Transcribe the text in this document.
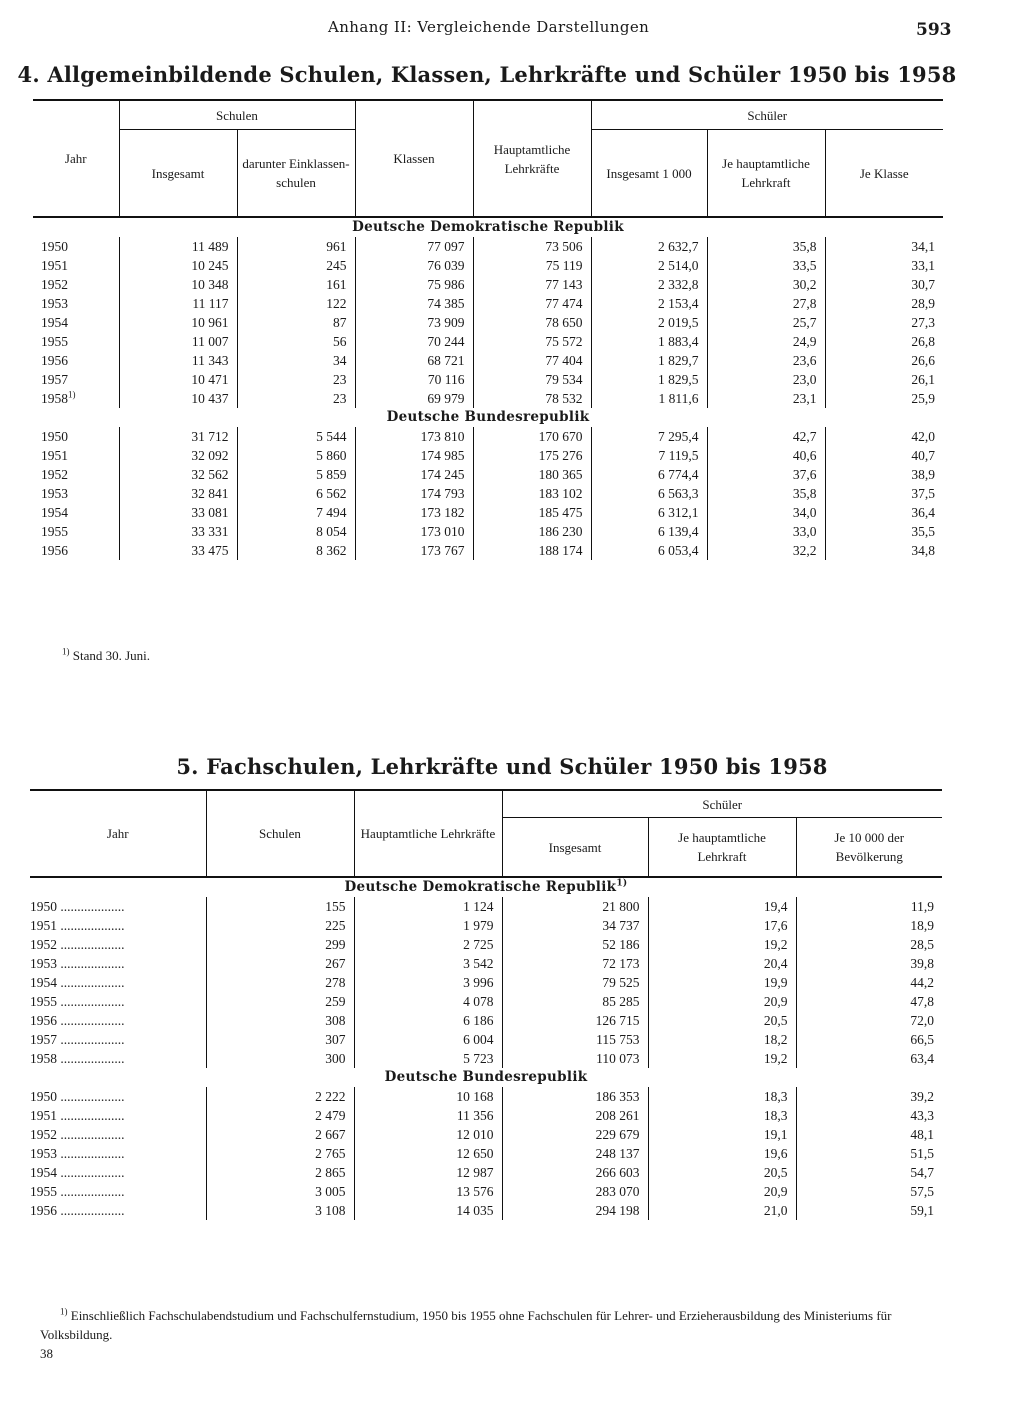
Anhang II: Vergleichende Darstellungen	593
4. Allgemeinbildende Schulen, Klassen, Lehrkräfte und Schüler 1950 bis 1958
Jahr	Schulen		Klassen	Hauptamtliche Lehrkräfte	Schüler		
	Insgesamt	darunter Einklassen-schulen			Insgesamt 1 000	Je hauptamtliche Lehrkraft	Je Klasse
Deutsche Demokratische Republik							
1950	11 489	961	77 097	73 506	2 632,7	35,8	34,1
1951	10 245	245	76 039	75 119	2 514,0	33,5	33,1
1952	10 348	161	75 986	77 143	2 332,8	30,2	30,7
1953	11 117	122	74 385	77 474	2 153,4	27,8	28,9
1954	10 961	87	73 909	78 650	2 019,5	25,7	27,3
1955	11 007	56	70 244	75 572	1 883,4	24,9	26,8
1956	11 343	34	68 721	77 404	1 829,7	23,6	26,6
1957	10 471	23	70 116	79 534	1 829,5	23,0	26,1
1958$^{1)}$	10 437	23	69 979	78 532	1 811,6	23,1	25,9
Deutsche Bundesrepublik							
1950	31 712	5 544	173 810	170 670	7 295,4	42,7	42,0
1951	32 092	5 860	174 985	175 276	7 119,5	40,6	40,7
1952	32 562	5 859	174 245	180 365	6 774,4	37,6	38,9
1953	32 841	6 562	174 793	183 102	6 563,3	35,8	37,5
1954	33 081	7 494	173 182	185 475	6 312,1	34,0	36,4
1955	33 331	8 054	173 010	186 230	6 139,4	33,0	35,5
1956	33 475	8 362	173 767	188 174	6 053,4	32,2	34,8
$^{1)}$ Stand 30. Juni.
5. Fachschulen, Lehrkräfte und Schüler 1950 bis 1958
Jahr	Schulen	Hauptamtliche Lehrkräfte	Schüler		
			Insgesamt	Je hauptamtliche Lehrkraft	Je 10 000 der Bevölkerung
Deutsche Demokratische Republik$^{1)}$
1950 ...................	155	1 124	21 800	19,4	11,9
1951 ...................	225	1 979	34 737	17,6	18,9
1952 ...................	299	2 725	52 186	19,2	28,5
1953 ...................	267	3 542	72 173	20,4	39,8
1954 ...................	278	3 996	79 525	19,9	44,2
1955 ...................	259	4 078	85 285	20,9	47,8
1956 ...................	308	6 186	126 715	20,5	72,0
1957 ...................	307	6 004	115 753	18,2	66,5
1958 ...................	300	5 723	110 073	19,2	63,4
Deutsche Bundesrepublik					
1950 ...................	2 222	10 168	186 353	18,3	39,2
1951 ...................	2 479	11 356	208 261	18,3	43,3
1952 ...................	2 667	12 010	229 679	19,1	48,1
1953 ...................	2 765	12 650	248 137	19,6	51,5
1954 ...................	2 865	12 987	266 603	20,5	54,7
1955 ...................	3 005	13 576	283 070	20,9	57,5
1956 ...................	3 108	14 035	294 198	21,0	59,1
$^{1)}$ Einschließlich Fachschulabendstudium und Fachschulfernstudium, 1950 bis 1955 ohne Fachschulen für Lehrer- und Erzieherausbildung des Ministeriums für Volksbildung.
38
